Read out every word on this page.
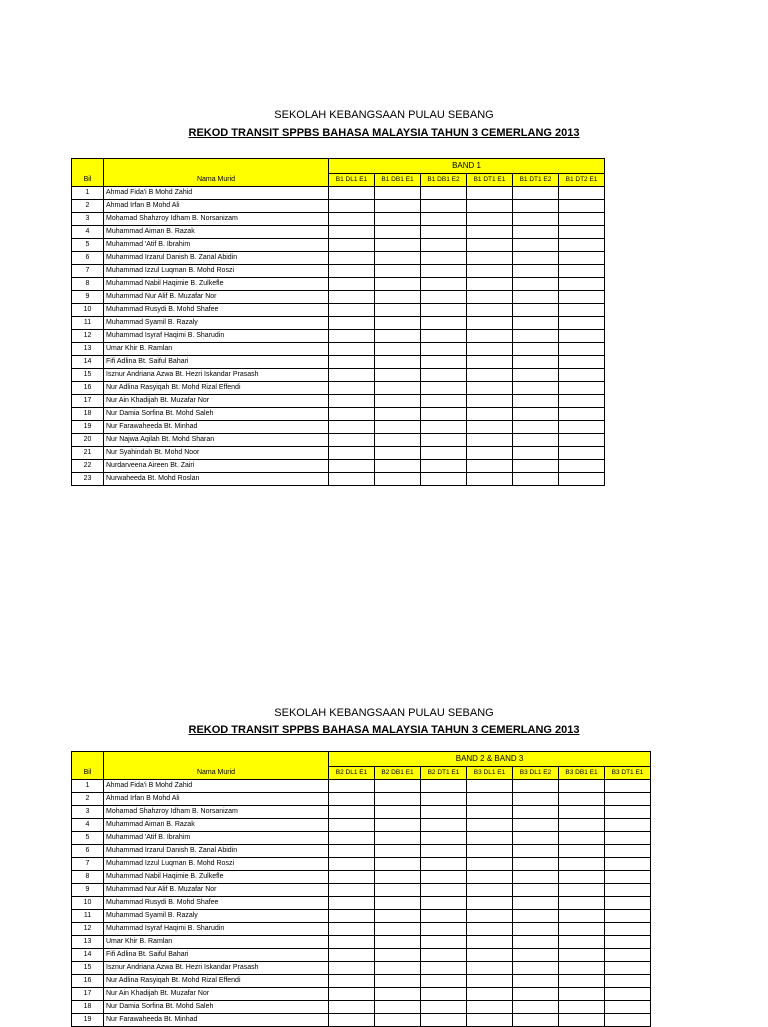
SEKOLAH KEBANGSAAN PULAU SEBANG
REKOD TRANSIT SPPBS BAHASA MALAYSIA TAHUN 3 CEMERLANG 2013
		BAND 1					
Bil	Nama Murid	B1 DL1 E1	B1 DB1 E1	B1 DB1 E2	B1 DT1 E1	B1 DT1 E2	B1 DT2 E1
1	Ahmad Fida'i B Mohd Zahid						
2	Ahmad Irfan B Mohd Ali						
3	Mohamad Shahzroy Idham B. Norsanizam						
4	Muhammad Aiman B. Razak						
5	Muhammad 'Atif B. Ibrahim						
6	Muhammad Irzarul Danish B. Zanal Abidin						
7	Muhammad Izzul Luqman B. Mohd Roszi						
8	Muhammad Nabil Haqimie B. Zulkefle						
9	Muhammad Nur Alif B. Muzafar Nor						
10	Muhammad Rusydi B. Mohd Shafee						
11	Muhammad Syamil B. Razaly						
12	Muhammad Isyraf Haqimi B. Sharudin						
13	Umar Khir B. Ramlan						
14	Fifi Adlina Bt. Saiful Bahari						
15	Isznur Andriana Azwa Bt. Hezri Iskandar Prasash						
16	Nur Adlina Rasyiqah Bt. Mohd Rizal Effendi						
17	Nur Ain Khadijah Bt. Muzafar Nor						
18	Nur Damia Sorfina Bt. Mohd Saleh						
19	Nur Farawaheeda Bt. Minhad						
20	Nur Najwa Aqilah Bt. Mohd Sharan						
21	Nur Syahindah Bt. Mohd Noor						
22	Nurdarveena Aireen Bt. Zairi						
23	Nurwaheeda Bt. Mohd Roslan						
SEKOLAH KEBANGSAAN PULAU SEBANG
REKOD TRANSIT SPPBS BAHASA MALAYSIA TAHUN 3 CEMERLANG 2013
		BAND 2 & BAND 3						
Bil	Nama Murid	B2 DL1 E1	B2 DB1 E1	B2 DT1 E1	B3 DL1 E1	B3 DL1 E2	B3 DB1 E1	B3 DT1 E1
1	Ahmad Fida'i B Mohd Zahid							
2	Ahmad Irfan B Mohd Ali							
3	Mohamad Shahzroy Idham B. Norsanizam							
4	Muhammad Aiman B. Razak							
5	Muhammad 'Atif B. Ibrahim							
6	Muhammad Irzarul Danish B. Zanal Abidin							
7	Muhammad Izzul Luqman B. Mohd Roszi							
8	Muhammad Nabil Haqimie B. Zulkefle							
9	Muhammad Nur Alif B. Muzafar Nor							
10	Muhammad Rusydi B. Mohd Shafee							
11	Muhammad Syamil B. Razaly							
12	Muhammad Isyraf Haqimi B. Sharudin							
13	Umar Khir B. Ramlan							
14	Fifi Adlina Bt. Saiful Bahari							
15	Isznur Andriana Azwa Bt. Hezri Iskandar Prasash							
16	Nur Adlina Rasyiqah Bt. Mohd Rizal Effendi							
17	Nur Ain Khadijah Bt. Muzafar Nor							
18	Nur Damia Sorfina Bt. Mohd Saleh							
19	Nur Farawaheeda Bt. Minhad							
